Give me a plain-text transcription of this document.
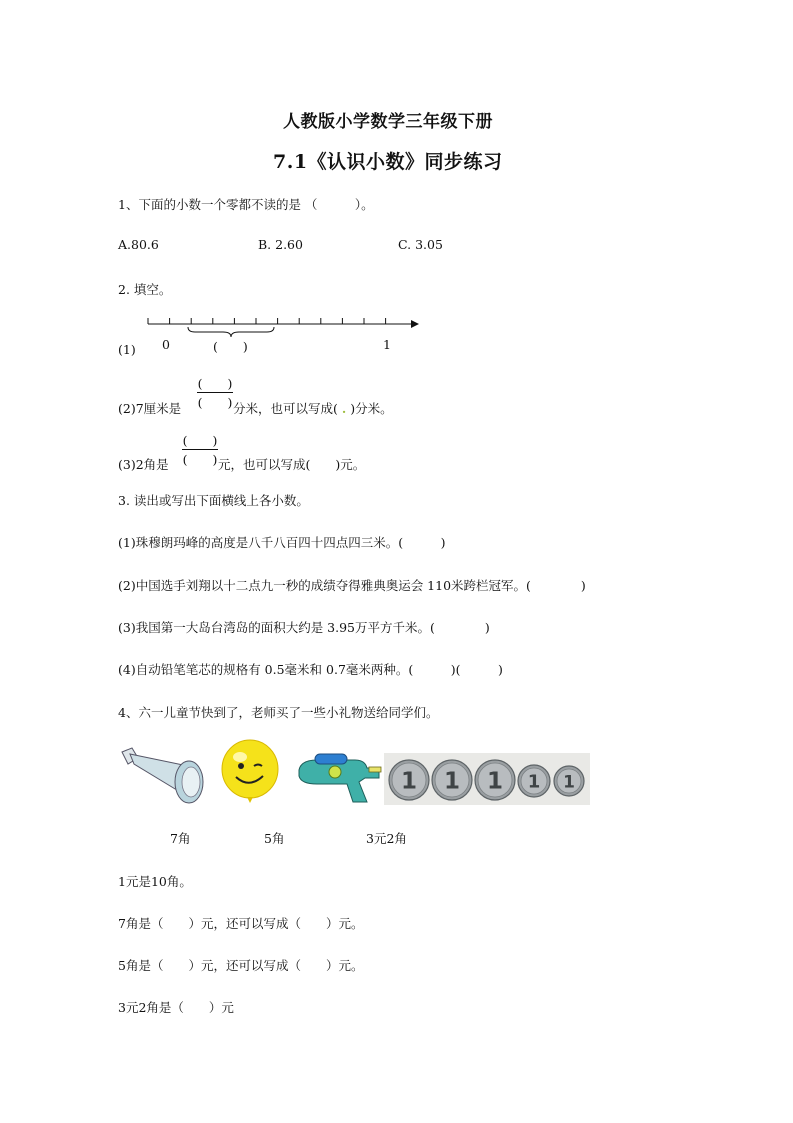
人教版小学数学三年级下册
7.1《认识小数》同步练习
1、下面的小数一个零都不读的是 （　　　）。
A.80.6	B. 2.60	C. 3.05
2. 填空。
(1) 0	(　　)	1
(　　)
(　　)
(2)7厘米是	分米，也可以写成( . )分米。
(　　)
(　　)
(3)2角是	元，也可以写成(　　)元。
3. 读出或写出下面横线上各小数。
(1)珠穆朗玛峰的高度是八千八百四十四点四三米。(　　　)
(2)中国选手刘翔以十二点九一秒的成绩夺得雅典奥运会 110米跨栏冠军。(　　　　)
(3)我国第一大岛台湾岛的面积大约是 3.95万平方千米。(　　　　)
(4)自动铅笔笔芯的规格有 0.5毫米和 0.7毫米两种。(　　　)(　　　)
4、六一儿童节快到了，老师买了一些小礼物送给同学们。
1 1 1 1 1
7角	5角	3元2角
1元是10角。
7角是（　　）元，还可以写成（　　）元。
5角是（　　）元，还可以写成（　　）元。
3元2角是（　　）元
